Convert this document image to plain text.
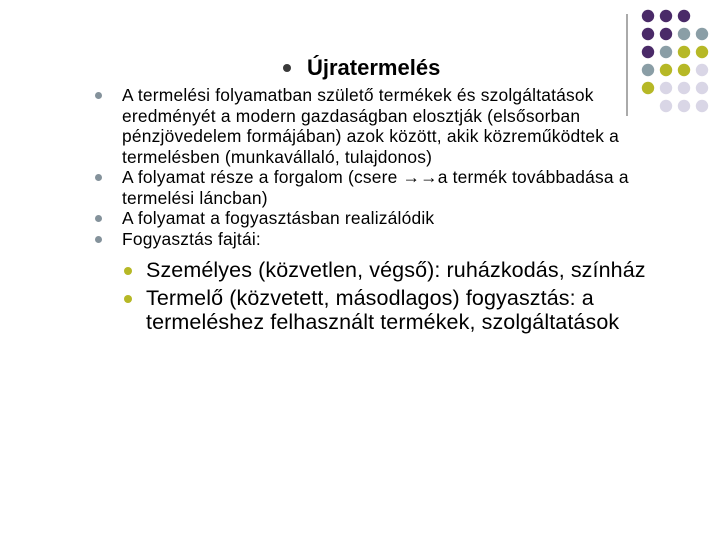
Újratermelés
A termelési folyamatban születő termékek és szolgáltatások eredményét a modern gazdaságban elosztják (elsősorban pénzjövedelem formájában) azok között, akik közreműködtek a termelésben (munkavállaló, tulajdonos)
A folyamat része a forgalom (csere →→a termék továbbadása a termelési láncban)
A folyamat a fogyasztásban realizálódik
Fogyasztás fajtái:
Személyes (közvetlen, végső): ruházkodás, színház
Termelő (közvetett, másodlagos) fogyasztás: a termeléshez felhasznált termékek, szolgáltatások
